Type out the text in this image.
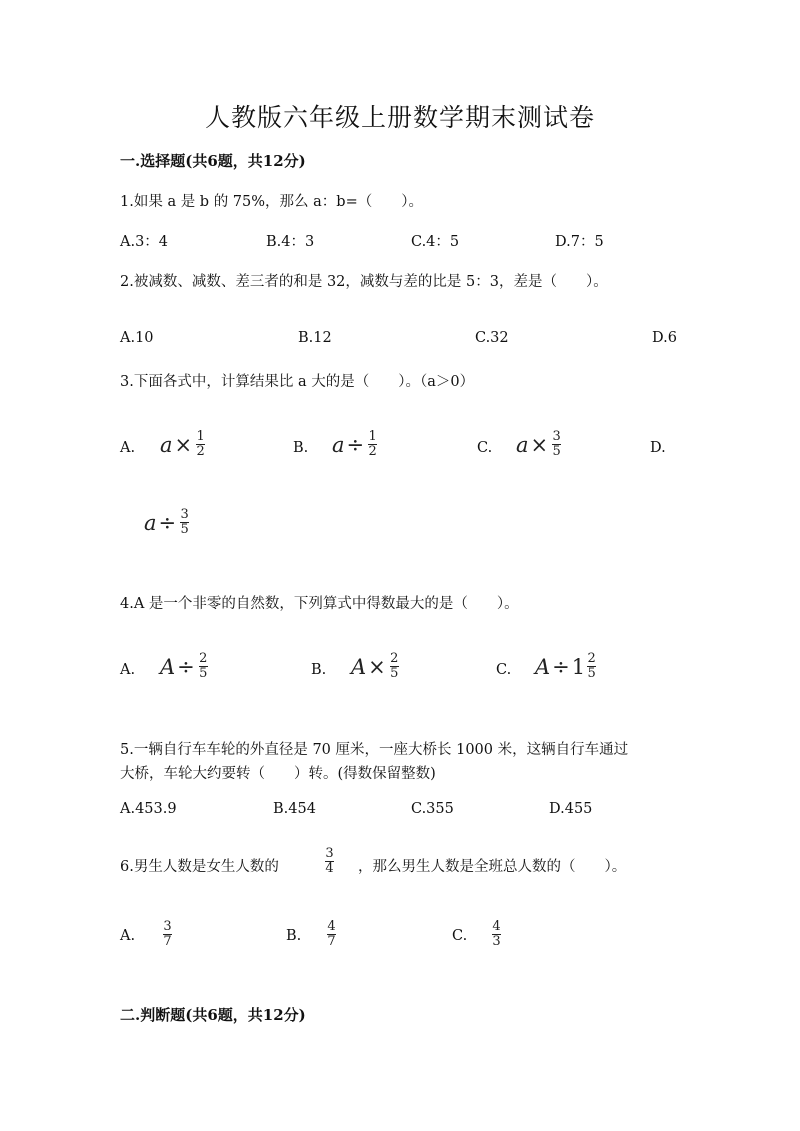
人教版六年级上册数学期末测试卷
一.选择题(共6题，共12分)
1.如果 a 是 b 的 75%，那么 a：b=（　　）。
A.3：4	B.4：3	C.4：5	D.7：5
2.被减数、减数、差三者的和是 32，减数与差的比是 5：3，差是（　　）。
A.10	B.12	C.32	D.6
3.下面各式中，计算结果比 a 大的是（　　）。（a＞0）
A. $a \times \frac{1}{2}$	B. $a \div \frac{1}{2}$	C. $a \times \frac{3}{5}$	D.
$a \div \frac{3}{5}$
4.A 是一个非零的自然数，下列算式中得数最大的是（　　）。
A. $A \div \frac{2}{5}$	B. $A \times \frac{2}{5}$	C. $A \div 1 \frac{2}{5}$
5.一辆自行车车轮的外直径是 70 厘米，一座大桥长 1000 米，这辆自行车通过
大桥，车轮大约要转（　　）转。(得数保留整数)
A.453.9	B.454	C.355	D.455
6.男生人数是女生人数的
3
4 ，那么男生人数是全班总人数的（　　）。
A.
3
7	B.
4
7	C.
4
3
二.判断题(共6题，共12分)
